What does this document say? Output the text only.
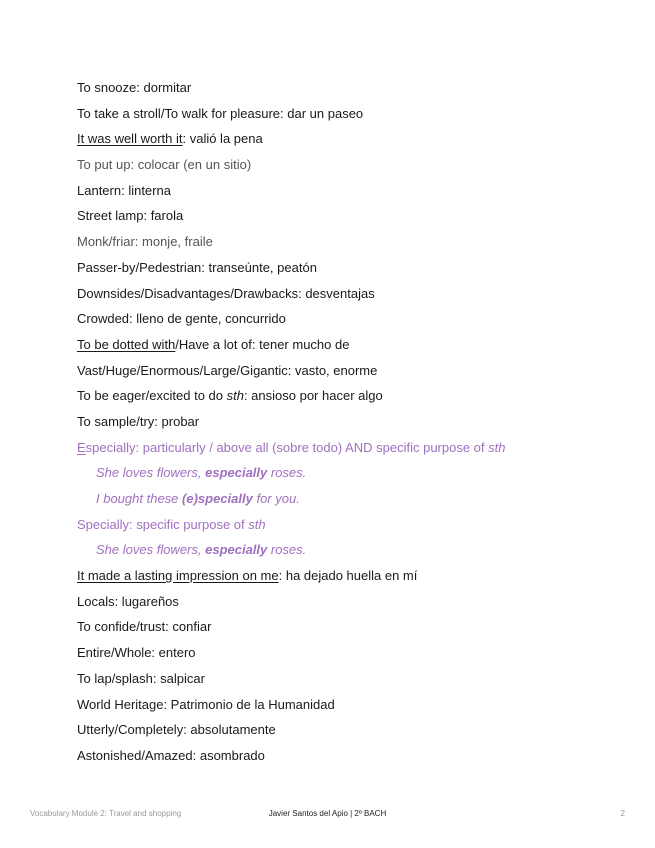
To snooze: dormitar
To take a stroll/To walk for pleasure: dar un paseo
It was well worth it: valió la pena
To put up: colocar (en un sitio)
Lantern: linterna
Street lamp: farola
Monk/friar: monje, fraile
Passer-by/Pedestrian: transeúnte, peatón
Downsides/Disadvantages/Drawbacks: desventajas
Crowded: lleno de gente, concurrido
To be dotted with/Have a lot of: tener mucho de
Vast/Huge/Enormous/Large/Gigantic: vasto, enorme
To be eager/excited to do sth: ansioso por hacer algo
To sample/try: probar
Especially: particularly / above all (sobre todo) AND specific purpose of sth
She loves flowers, especially roses.
I bought these (e)specially for you.
Specially: specific purpose of sth
She loves flowers, especially roses.
It made a lasting impression on me: ha dejado huella en mí
Locals: lugareños
To confide/trust: confiar
Entire/Whole: entero
To lap/splash: salpicar
World Heritage: Patrimonio de la Humanidad
Utterly/Completely: absolutamente
Astonished/Amazed: asombrado
Vocabulary Module 2: Travel and shopping	Javier Santos del Apio | 2º BACH	2
